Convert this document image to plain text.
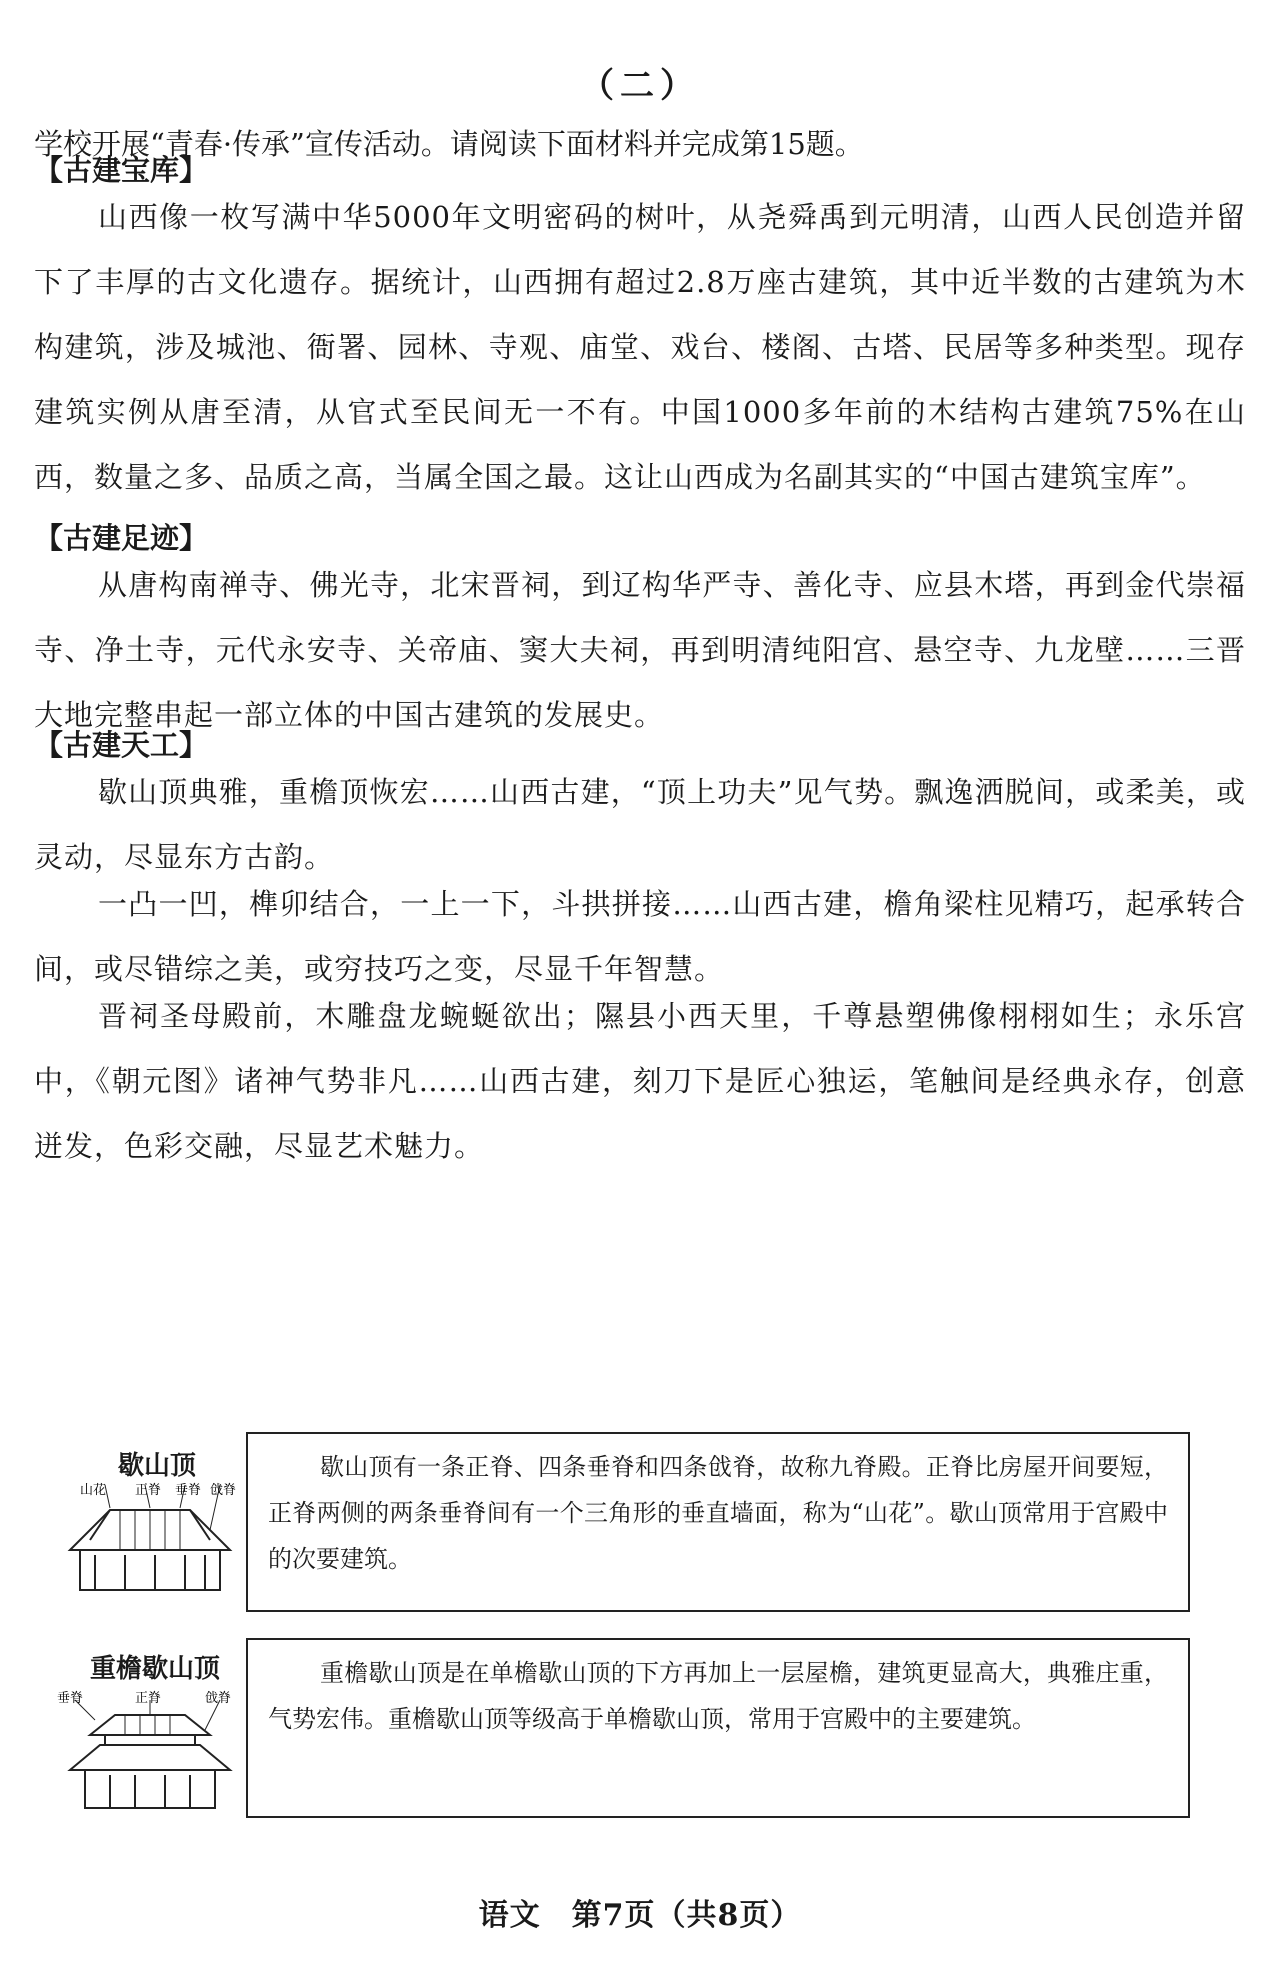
（二）
学校开展“青春·传承”宣传活动。请阅读下面材料并完成第15题。
【古建宝库】
山西像一枚写满中华5000年文明密码的树叶，从尧舜禹到元明清，山西人民创造并留下了丰厚的古文化遗存。据统计，山西拥有超过2.8万座古建筑，其中近半数的古建筑为木构建筑，涉及城池、衙署、园林、寺观、庙堂、戏台、楼阁、古塔、民居等多种类型。现存建筑实例从唐至清，从官式至民间无一不有。中国1000多年前的木结构古建筑75%在山西，数量之多、品质之高，当属全国之最。这让山西成为名副其实的“中国古建筑宝库”。
【古建足迹】
从唐构南禅寺、佛光寺，北宋晋祠，到辽构华严寺、善化寺、应县木塔，再到金代崇福寺、净土寺，元代永安寺、关帝庙、窦大夫祠，再到明清纯阳宫、悬空寺、九龙壁……三晋大地完整串起一部立体的中国古建筑的发展史。
【古建天工】
歇山顶典雅，重檐顶恢宏……山西古建，“顶上功夫”见气势。飘逸洒脱间，或柔美，或灵动，尽显东方古韵。
一凸一凹，榫卯结合，一上一下，斗拱拼接……山西古建，檐角梁柱见精巧，起承转合间，或尽错综之美，或穷技巧之变，尽显千年智慧。
晋祠圣母殿前，木雕盘龙蜿蜒欲出；隰县小西天里，千尊悬塑佛像栩栩如生；永乐宫中，《朝元图》诸神气势非凡……山西古建，刻刀下是匠心独运，笔触间是经典永存，创意迸发，色彩交融，尽显艺术魅力。
歇山顶
山花 正脊 垂脊 戗脊
歇山顶有一条正脊、四条垂脊和四条戗脊，故称九脊殿。正脊比房屋开间要短，正脊两侧的两条垂脊间有一个三角形的垂直墙面，称为“山花”。歇山顶常用于宫殿中的次要建筑。
重檐歇山顶
垂脊	正脊	戗脊
重檐歇山顶是在单檐歇山顶的下方再加上一层屋檐，建筑更显高大，典雅庄重，气势宏伟。重檐歇山顶等级高于单檐歇山顶，常用于宫殿中的主要建筑。
语文　第7页（共8页）
